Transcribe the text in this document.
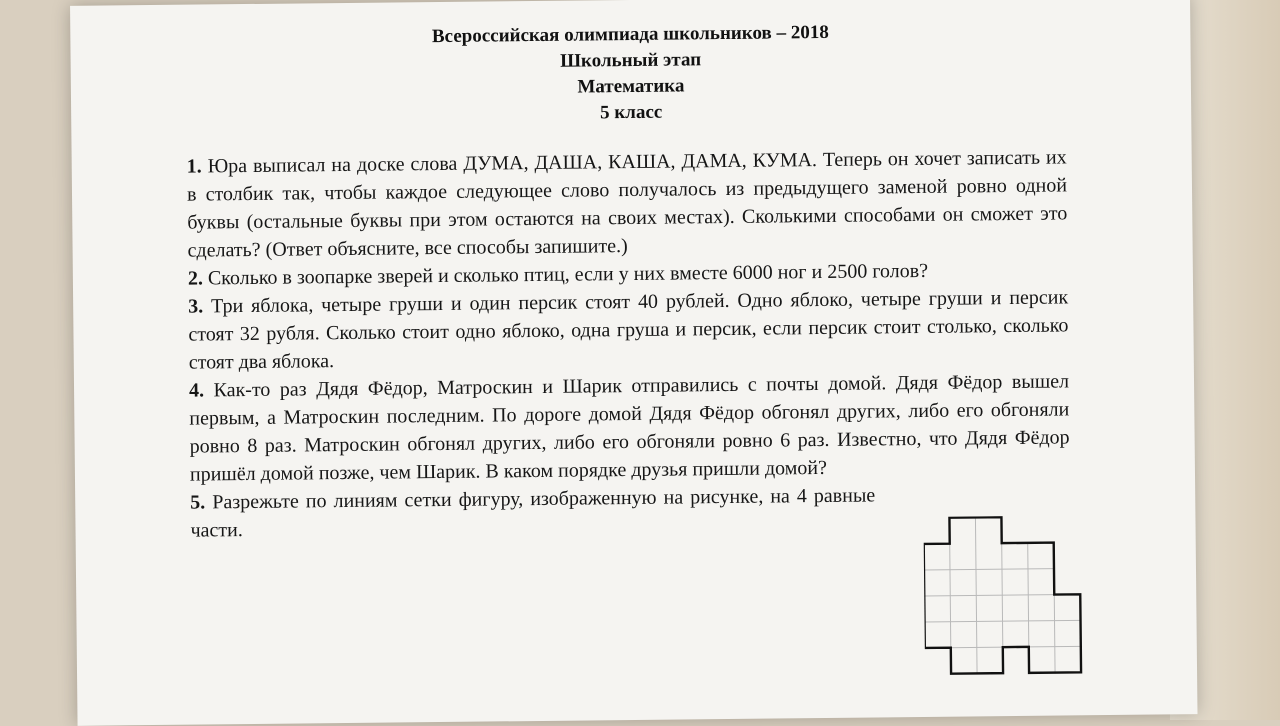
Всероссийская олимпиада школьников – 2018
Школьный этап
Математика
5 класс

1. Юра выписал на доске слова ДУМА, ДАША, КАША, ДАМА, КУМА. Теперь он хочет записать их в столбик так, чтобы каждое следующее слово получалось из предыдущего заменой ровно одной буквы (остальные буквы при этом остаются на своих местах). Сколькими способами он сможет это сделать? (Ответ объясните, все способы запишите.)

2. Сколько в зоопарке зверей и сколько птиц, если у них вместе 6000 ног и 2500 голов?

3. Три яблока, четыре груши и один персик стоят 40 рублей. Одно яблоко, четыре груши и персик стоят 32 рубля. Сколько стоит одно яблоко, одна груша и персик, если персик стоит столько, сколько стоят два яблока.

4. Как-то раз Дядя Фёдор, Матроскин и Шарик отправились с почты домой. Дядя Фёдор вышел первым, а Матроскин последним. По дороге домой Дядя Фёдор обгонял других, либо его обгоняли ровно 8 раз. Матроскин обгонял других, либо его обгоняли ровно 6 раз. Известно, что Дядя Фёдор пришёл домой позже, чем Шарик. В каком порядке друзья пришли домой?

5. Разрежьте по линиям сетки фигуру, изображенную на рисунке, на 4 равные части.
